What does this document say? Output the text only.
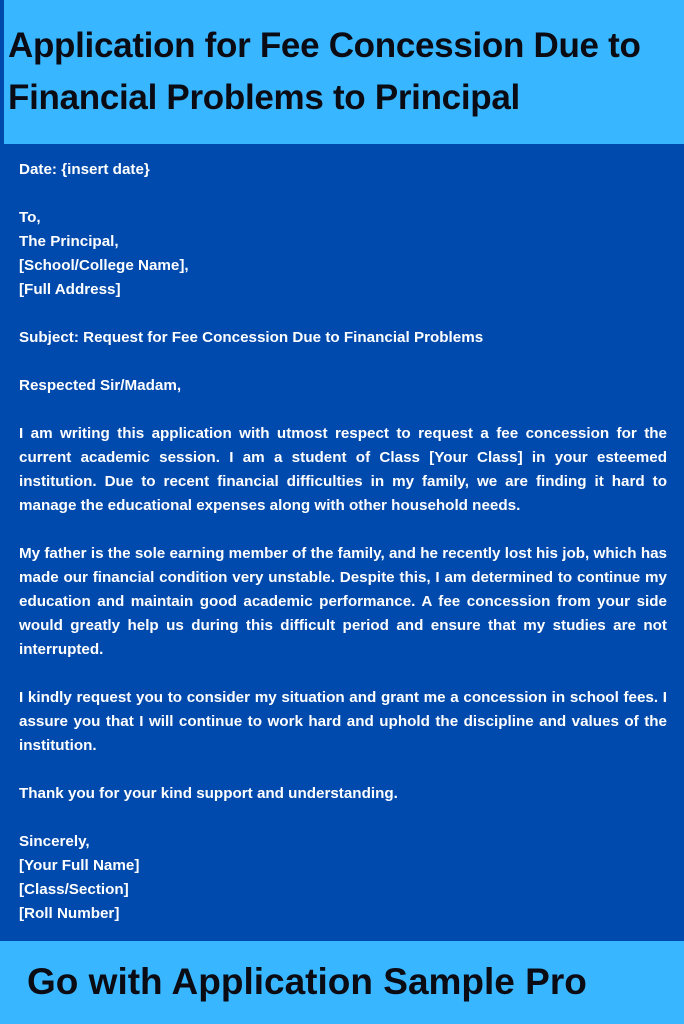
Application for Fee Concession Due to Financial Problems to Principal

Date: {insert date}

To,
The Principal,
[School/College Name],
[Full Address]

Subject: Request for Fee Concession Due to Financial Problems

Respected Sir/Madam,

I am writing this application with utmost respect to request a fee concession for the current academic session. I am a student of Class [Your Class] in your esteemed institution. Due to recent financial difficulties in my family, we are finding it hard to manage the educational expenses along with other household needs.

My father is the sole earning member of the family, and he recently lost his job, which has made our financial condition very unstable. Despite this, I am determined to continue my education and maintain good academic performance. A fee concession from your side would greatly help us during this difficult period and ensure that my studies are not interrupted.

I kindly request you to consider my situation and grant me a concession in school fees. I assure you that I will continue to work hard and uphold the discipline and values of the institution.

Thank you for your kind support and understanding.

Sincerely,
[Your Full Name]
[Class/Section]
[Roll Number]

Go with Application Sample Pro
